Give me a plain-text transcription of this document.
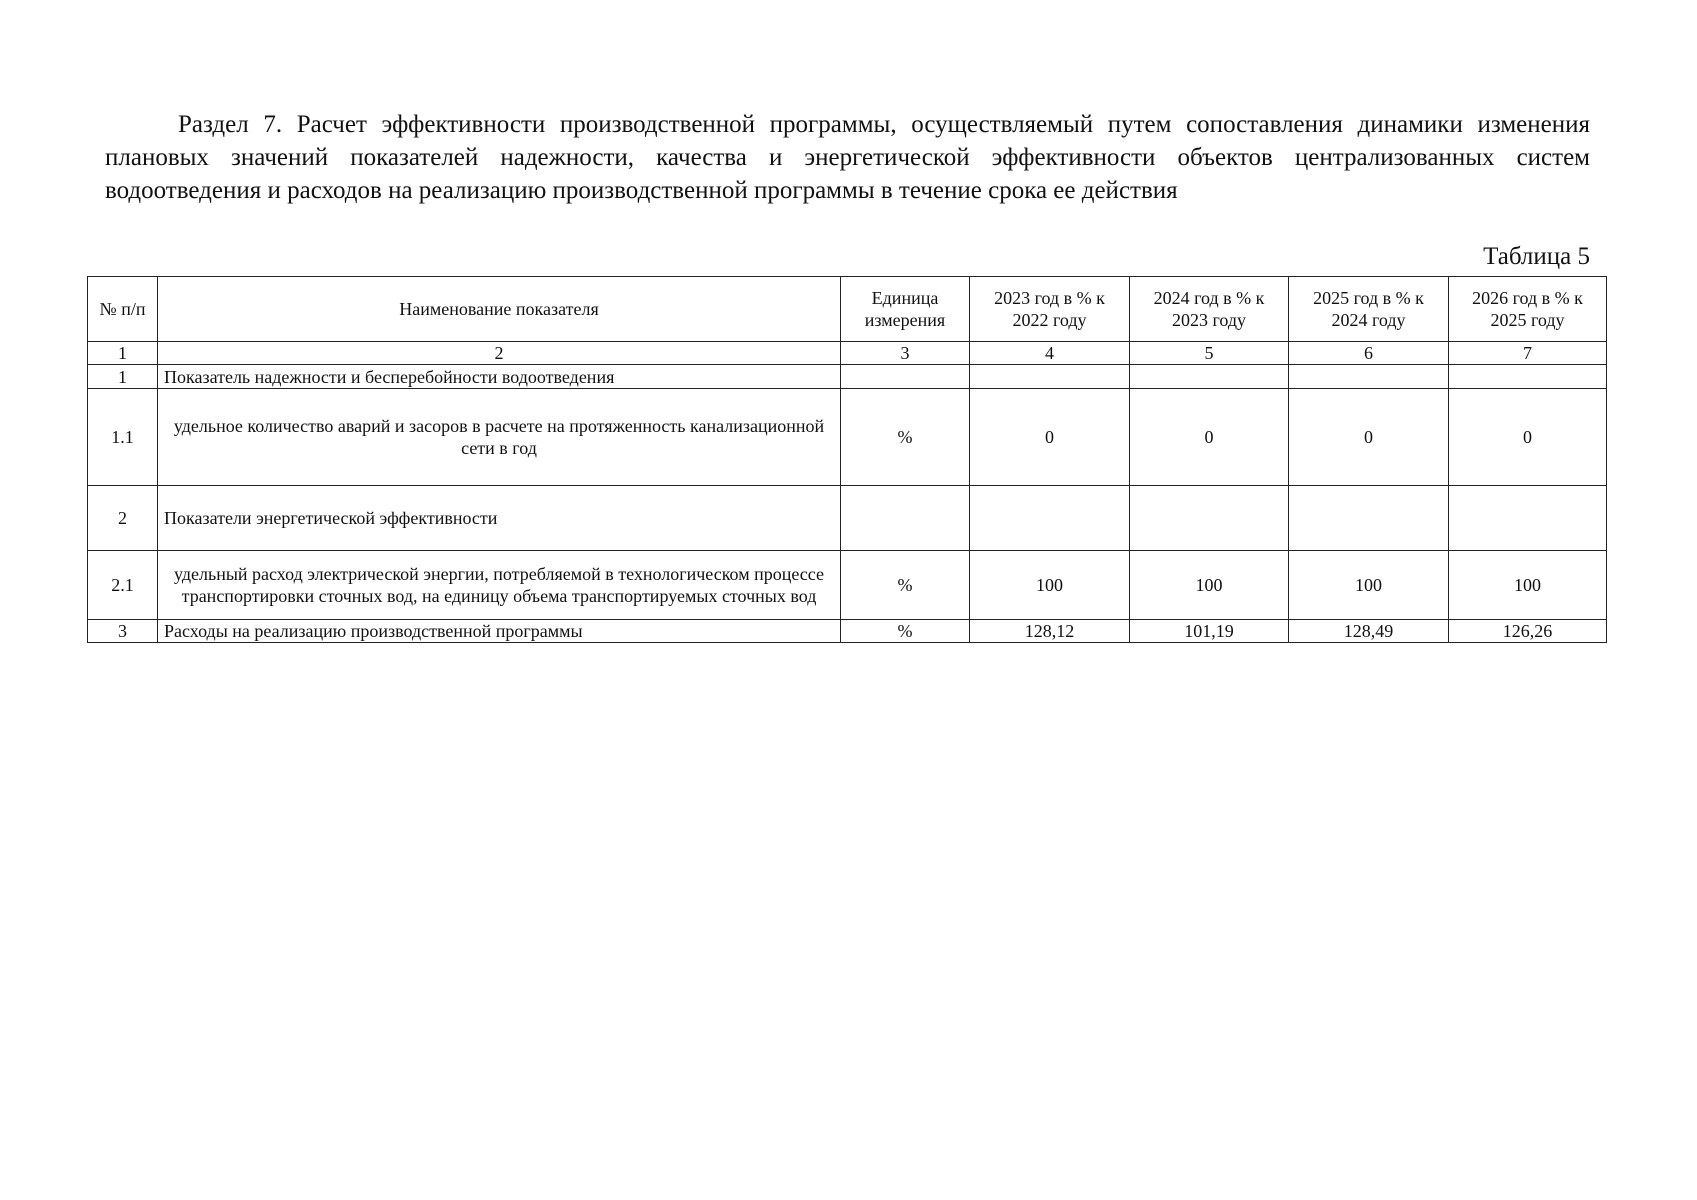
Раздел 7. Расчет эффективности производственной программы, осуществляемый путем сопоставления динамики изменения плановых значений показателей надежности, качества и энергетической эффективности объектов централизованных систем водоотведения и расходов на реализацию производственной программы в течение срока ее действия
Таблица 5
№ п/п	Наименование показателя	Единица измерения	2023 год в % к 2022 году	2024 год в % к 2023 году	2025 год в % к 2024 году	2026 год в % к 2025 году
1	2	3	4	5	6	7
1	Показатель надежности и бесперебойности водоотведения					
1.1	удельное количество аварий и засоров в расчете на протяженность канализационной сети в год	%	0	0	0	0
2	Показатели энергетической эффективности					
2.1	удельный расход электрической энергии, потребляемой в технологическом процессе транспортировки сточных вод, на единицу объема транспортируемых сточных вод	%	100	100	100	100
3	Расходы на реализацию производственной программы	%	128,12	101,19	128,49	126,26
